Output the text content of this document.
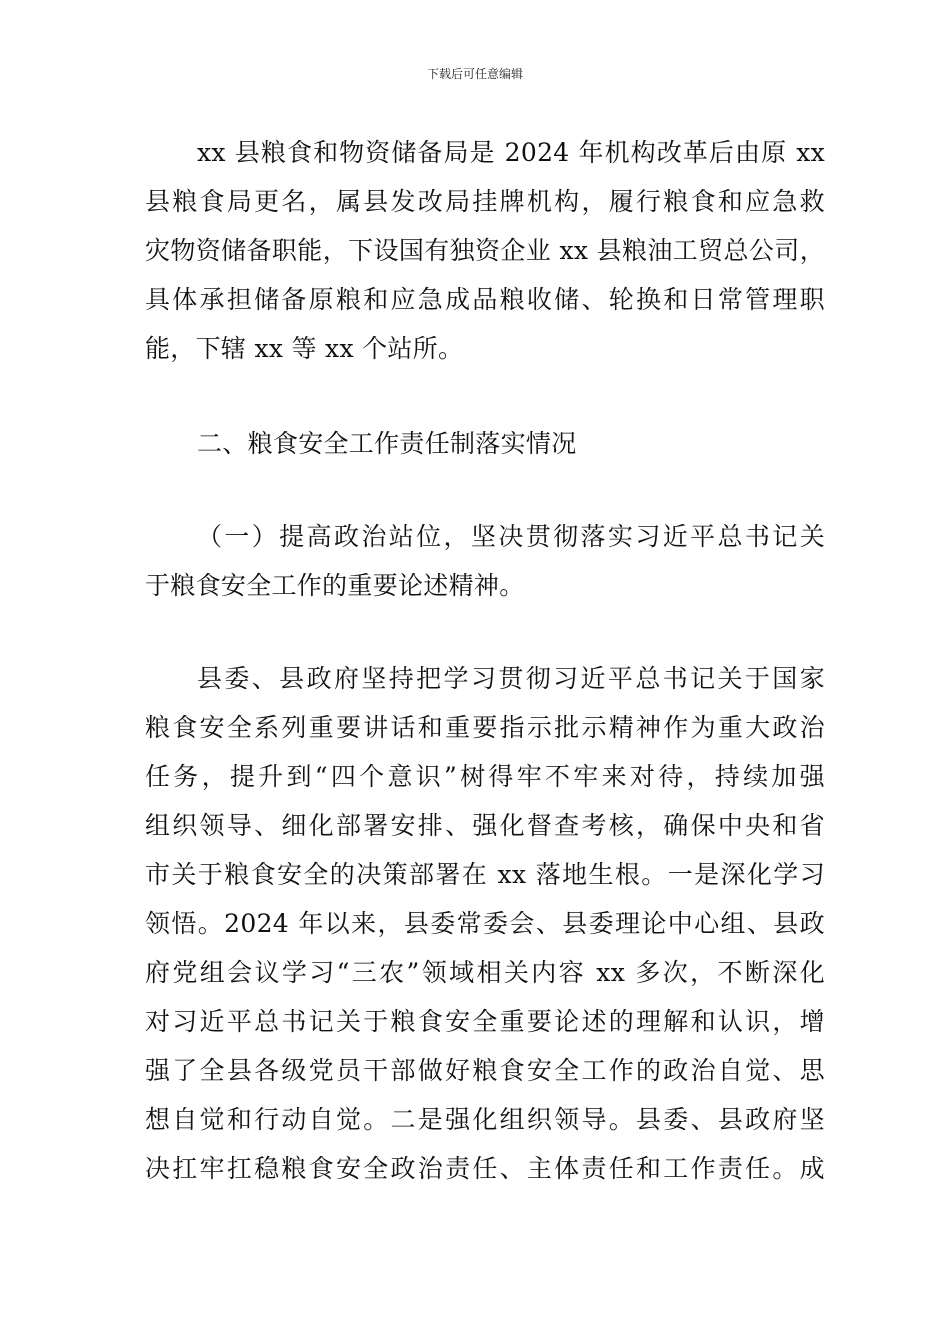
下载后可任意编辑
xx 县粮食和物资储备局是 2024 年机构改革后由原 xx
县粮食局更名，属县发改局挂牌机构，履行粮食和应急救
灾物资储备职能，下设国有独资企业 xx 县粮油工贸总公司，
具体承担储备原粮和应急成品粮收储、轮换和日常管理职
能，下辖 xx 等 xx 个站所。
二、粮食安全工作责任制落实情况
（一）提高政治站位，坚决贯彻落实习近平总书记关
于粮食安全工作的重要论述精神。
县委、县政府坚持把学习贯彻习近平总书记关于国家
粮食安全系列重要讲话和重要指示批示精神作为重大政治
任务，提升到“四个意识”树得牢不牢来对待，持续加强
组织领导、细化部署安排、强化督查考核，确保中央和省
市关于粮食安全的决策部署在 xx 落地生根。一是深化学习
领悟。2024 年以来，县委常委会、县委理论中心组、县政
府党组会议学习“三农”领域相关内容 xx 多次，不断深化
对习近平总书记关于粮食安全重要论述的理解和认识，增
强了全县各级党员干部做好粮食安全工作的政治自觉、思
想自觉和行动自觉。二是强化组织领导。县委、县政府坚
决扛牢扛稳粮食安全政治责任、主体责任和工作责任。成
